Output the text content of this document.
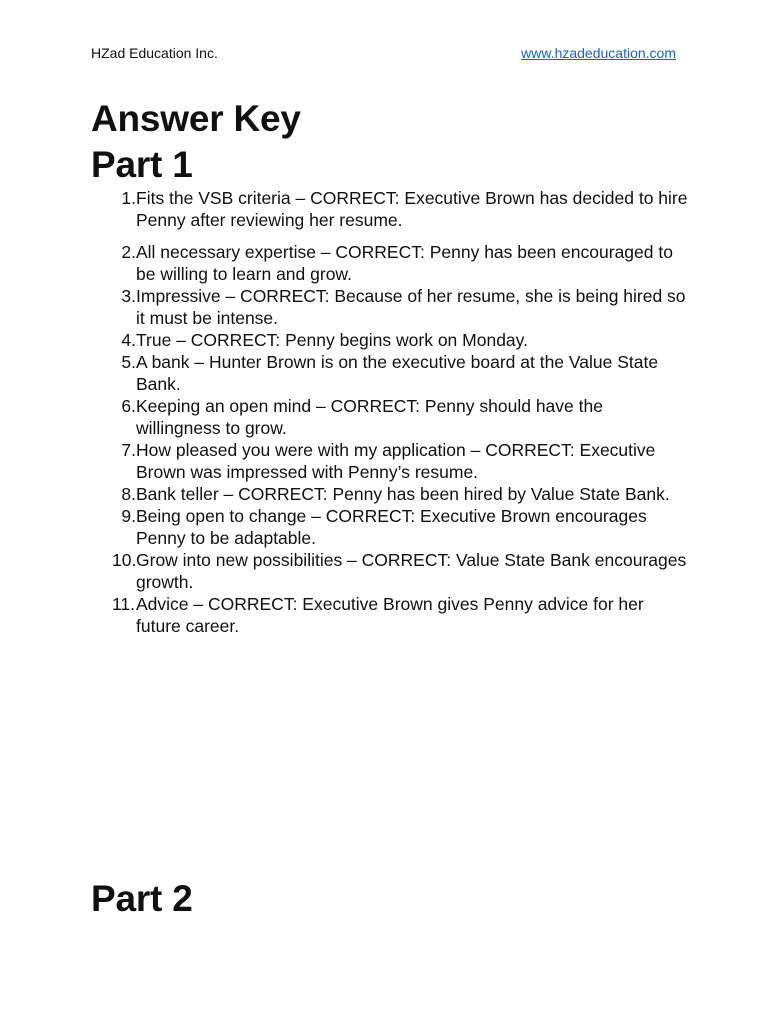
HZad Education Inc.	www.hzadeducation.com
Answer Key
Part 1
1. Fits the VSB criteria – CORRECT: Executive Brown has decided to hire Penny after reviewing her resume.
2. All necessary expertise – CORRECT: Penny has been encouraged to be willing to learn and grow.
3. Impressive – CORRECT: Because of her resume, she is being hired so it must be intense.
4. True – CORRECT: Penny begins work on Monday.
5. A bank – Hunter Brown is on the executive board at the Value State Bank.
6. Keeping an open mind – CORRECT: Penny should have the willingness to grow.
7. How pleased you were with my application – CORRECT: Executive Brown was impressed with Penny’s resume.
8. Bank teller – CORRECT: Penny has been hired by Value State Bank.
9. Being open to change – CORRECT: Executive Brown encourages Penny to be adaptable.
10. Grow into new possibilities – CORRECT: Value State Bank encourages growth.
11. Advice – CORRECT: Executive Brown gives Penny advice for her future career.
Part 2
